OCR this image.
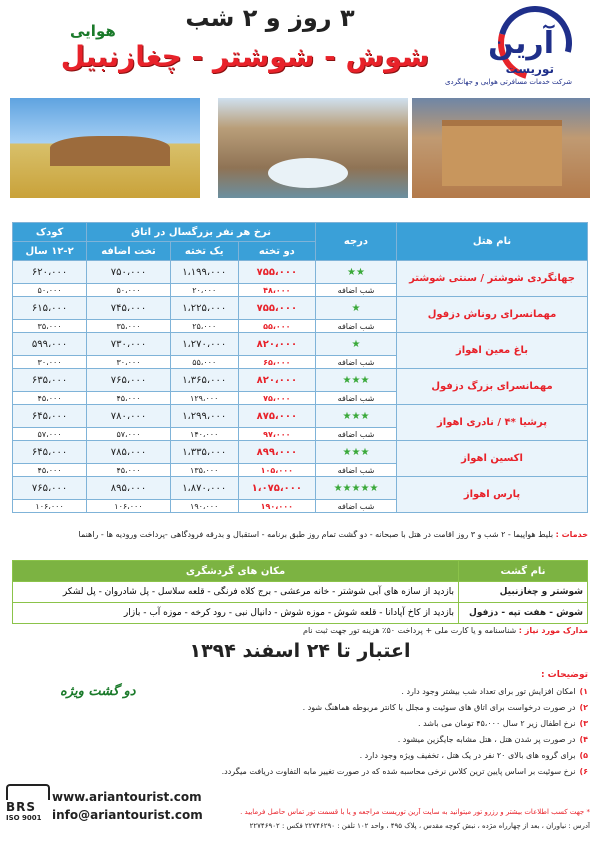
آرین
توریست
شرکت خدمات مسافرتی هوایی و جهانگردی
۳ روز و ۲ شب
هوایی
شوش - شوشتر - چغازنبیل
نام هتل	درجه	نرخ هر نفر بزرگسال در اتاق			کودک
		دو تخته	یک تخته	تخت اضافه	۱۲-۲ سال
جهانگردی شوشتر / سنتی شوشتر	★★	۷۵۵،۰۰۰	۱،۱۹۹،۰۰۰	۷۵۰،۰۰۰	۶۲۰،۰۰۰
	شب اضافه	۴۸،۰۰۰	۲۰،۰۰۰	۵۰،۰۰۰	۵۰،۰۰۰
مهمانسرای روناش دزفول	★	۷۵۵،۰۰۰	۱،۲۲۵،۰۰۰	۷۴۵،۰۰۰	۶۱۵،۰۰۰
	شب اضافه	۵۵،۰۰۰	۲۵،۰۰۰	۳۵،۰۰۰	۳۵،۰۰۰
باغ معین اهواز	★	۸۲۰،۰۰۰	۱،۲۷۰،۰۰۰	۷۳۰،۰۰۰	۵۹۹،۰۰۰
	شب اضافه	۶۵،۰۰۰	۵۵،۰۰۰	۳۰،۰۰۰	۳۰،۰۰۰
مهمانسرای بزرگ دزفول	★★★	۸۲۰،۰۰۰	۱،۳۶۵،۰۰۰	۷۶۵،۰۰۰	۶۳۵،۰۰۰
	شب اضافه	۷۵،۰۰۰	۱۲۹،۰۰۰	۴۵،۰۰۰	۴۵،۰۰۰
پرشیا *۴ / نادری اهواز	★★★	۸۷۵،۰۰۰	۱،۲۹۹،۰۰۰	۷۸۰،۰۰۰	۶۴۵،۰۰۰
	شب اضافه	۹۷،۰۰۰	۱۴۰،۰۰۰	۵۷،۰۰۰	۵۷،۰۰۰
اکسین اهواز	★★★	۸۹۹،۰۰۰	۱،۳۳۵،۰۰۰	۷۸۵،۰۰۰	۶۴۵،۰۰۰
	شب اضافه	۱۰۵،۰۰۰	۱۳۵،۰۰۰	۴۵،۰۰۰	۴۵،۰۰۰
پارس اهواز	★★★★★	۱،۰۷۵،۰۰۰	۱،۸۷۰،۰۰۰	۸۹۵،۰۰۰	۷۶۵،۰۰۰
	شب اضافه	۱۹۰،۰۰۰	۱۹۰،۰۰۰	۱۰۶،۰۰۰	۱۰۶،۰۰۰
خدمات : بلیط هواپیما - ۲ شب و ۳ روز اقامت در هتل با صبحانه - دو گشت تمام روز طبق برنامه - استقبال و بدرقه فرودگاهی -پرداخت ورودیه ها - راهنما
نام گشت	مکان های گردشگری
شوشتر و چغازنبیل	بازدید از سازه های آبی شوشتر - خانه مرعشی - برج کلاه فرنگی - قلعه سلاسل - پل شادروان - پل لشکر
شوش - هفت تپه - دزفول	بازدید از کاخ آپادانا - قلعه شوش - موزه شوش - دانیال نبی - رود کرخه - موزه آب - بازار
مدارک مورد نیاز : شناسنامه و یا کارت ملی + پرداخت ۵۰٪ هزینه تور جهت ثبت نام
اعتبار تا ۲۴ اسفند ۱۳۹۴
دو گشت ویژه
توضیحات :
۱)امکان افزایش تور برای تعداد شب بیشتر وجود دارد .
۲)در صورت درخواست برای اتاق های سوئیت و مجلل با کانتر مربوطه هماهنگ شود .
۳)نرخ اطفال زیر ۲ سال ۴۵،۰۰۰ تومان می باشد .
۴)در صورت پر شدن هتل ، هتل مشابه جایگزین میشود .
۵)برای گروه های بالای ۲۰ نفر در یک هتل ، تخفیف ویژه وجود دارد .
۶)نرخ سوئیت بر اساس پایین ترین کلاس نرخی محاسبه شده که در صورت تغییر مابه التفاوت دریافت میگردد.
BRS
ISO 9001
www.ariantourist.com
info@ariantourist.com	* جهت کسب اطلاعات بیشتر و رزرو تور میتوانید به سایت آرین توریست مراجعه و یا با قسمت تور تماس حاصل فرمایید .
آدرس : نیاوران ، بعد از چهارراه مژده ، نبش کوچه مقدس ، پلاک ۴۹۵ ، واحد ۱۰۲ تلفن : ۲۲۷۴۶۲۹۰ فکس : ۲۲۷۴۶۹۰۲
